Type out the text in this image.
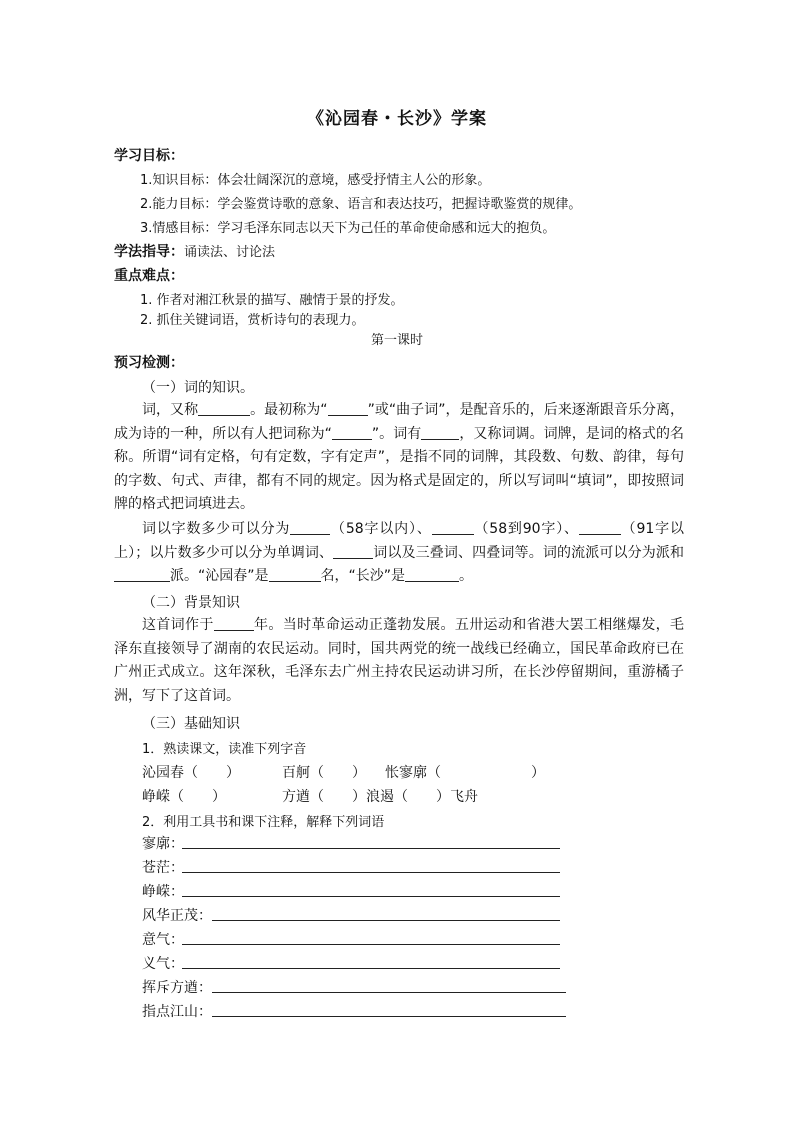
《沁园春・长沙》学案
学习目标：
1.知识目标：体会壮阔深沉的意境，感受抒情主人公的形象。
2.能力目标：学会鉴赏诗歌的意象、语言和表达技巧，把握诗歌鉴赏的规律。
3.情感目标：学习毛泽东同志以天下为己任的革命使命感和远大的抱负。
学法指导：诵读法、讨论法
重点难点：
1. 作者对湘江秋景的描写、融情于景的抒发。
2. 抓住关键词语，赏析诗句的表现力。
第一课时
预习检测：
（一）词的知识。
词，又称	。最初称为“	”或“曲子词”，是配音乐的，后来逐渐跟音乐分离，成为诗的一种，所以有人把词称为“	”。词有	，又称词调。词牌，是词的格式的名称。所谓“词有定格，句有定数，字有定声”，是指不同的词牌，其段数、句数、韵律，每句的字数、句式、声律，都有不同的规定。因为格式是固定的，所以写词叫“填词”，即按照词牌的格式把词填进去。
词以字数多少可以分为	（58字以内）、	（58到90字）、	（91字以上）；以片数多少可以分为单调词、	词以及三叠词、四叠词等。词的流派可以分为派和派。“沁园春”是	名，“长沙”是	。
（二）背景知识
这首词作于	年。当时革命运动正蓬勃发展。五卅运动和省港大罢工相继爆发，毛泽东直接领导了湖南的农民运动。同时，国共两党的统一战线已经确立，国民革命政府已在广州正式成立。这年深秋，毛泽东去广州主持农民运动讲习所，在长沙停留期间，重游橘子洲，写下了这首词。
（三）基础知识
1．熟读课文，读准下列字音
沁园春（　　）	百舸（　　） 怅寥廓（	）
峥嵘（　　）	方遒（　　） 浪遏（　　）飞舟
2．利用工具书和课下注释，解释下列词语
寥廓：
苍茫：
峥嵘：
风华正茂：
意气：
义气：
挥斥方遒：
指点江山：
